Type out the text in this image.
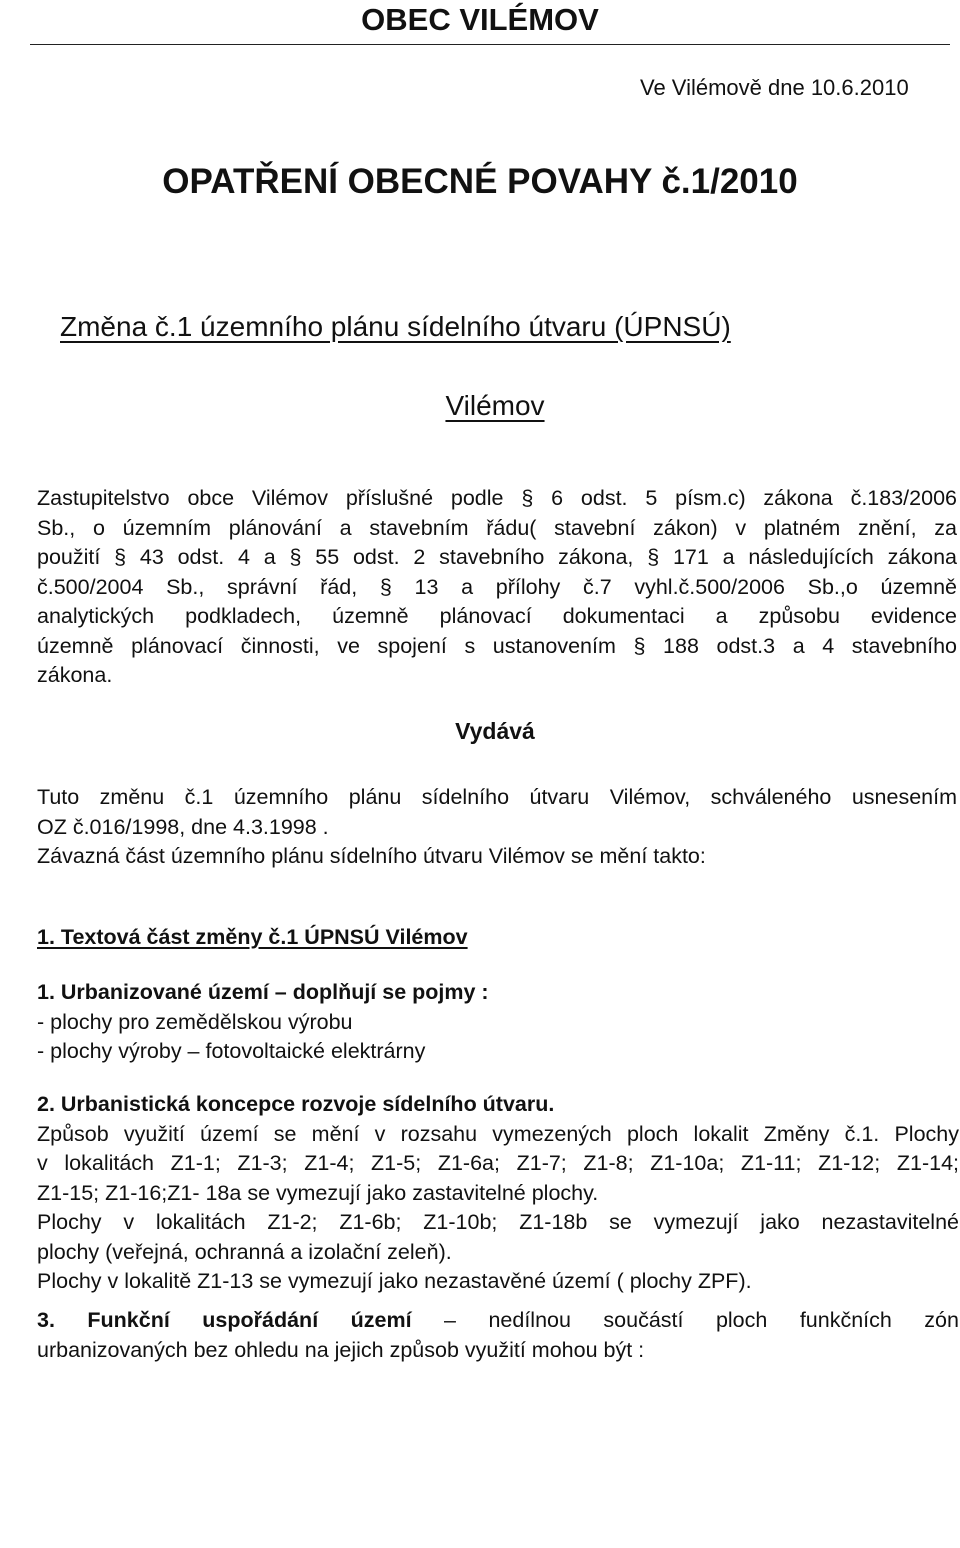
OBEC VILÉMOV
Ve Vilémově dne 10.6.2010
OPATŘENÍ OBECNÉ POVAHY č.1/2010
Změna č.1 územního plánu sídelního útvaru (ÚPNSÚ)
Vilémov
Zastupitelstvo obce Vilémov příslušné podle § 6 odst. 5 písm.c) zákona č.183/2006
Sb., o územním plánování a stavebním řádu( stavební zákon) v platném znění, za
použití § 43 odst. 4 a § 55 odst. 2 stavebního zákona, § 171 a následujících zákona
č.500/2004 Sb., správní řád, § 13 a přílohy č.7 vyhl.č.500/2006 Sb.,o územně
analytických podkladech, územně plánovací dokumentaci a způsobu evidence
územně plánovací činnosti, ve spojení s ustanovením § 188 odst.3 a 4 stavebního
zákona.
Vydává
Tuto změnu č.1 územního plánu sídelního útvaru Vilémov, schváleného usnesením
OZ č.016/1998, dne 4.3.1998 .
Závazná část územního plánu sídelního útvaru Vilémov se mění takto:
1. Textová část změny č.1 ÚPNSÚ Vilémov
1. Urbanizované území – doplňují se pojmy :
- plochy pro zemědělskou výrobu
- plochy výroby – fotovoltaické elektrárny
2. Urbanistická koncepce rozvoje sídelního útvaru.
Způsob využití území se mění v rozsahu vymezených ploch lokalit Změny č.1. Plochy
v lokalitách Z1-1; Z1-3; Z1-4; Z1-5; Z1-6a; Z1-7; Z1-8; Z1-10a; Z1-11; Z1-12; Z1-14;
Z1-15; Z1-16;Z1- 18a se vymezují jako zastavitelné plochy.
Plochy v lokalitách Z1-2; Z1-6b; Z1-10b; Z1-18b se vymezují jako nezastavitelné
plochy (veřejná, ochranná a izolační zeleň).
Plochy v lokalitě Z1-13 se vymezují jako nezastavěné území ( plochy ZPF).
3. Funkční uspořádání území – nedílnou součástí ploch funkčních zón
urbanizovaných bez ohledu na jejich způsob využití mohou být :
